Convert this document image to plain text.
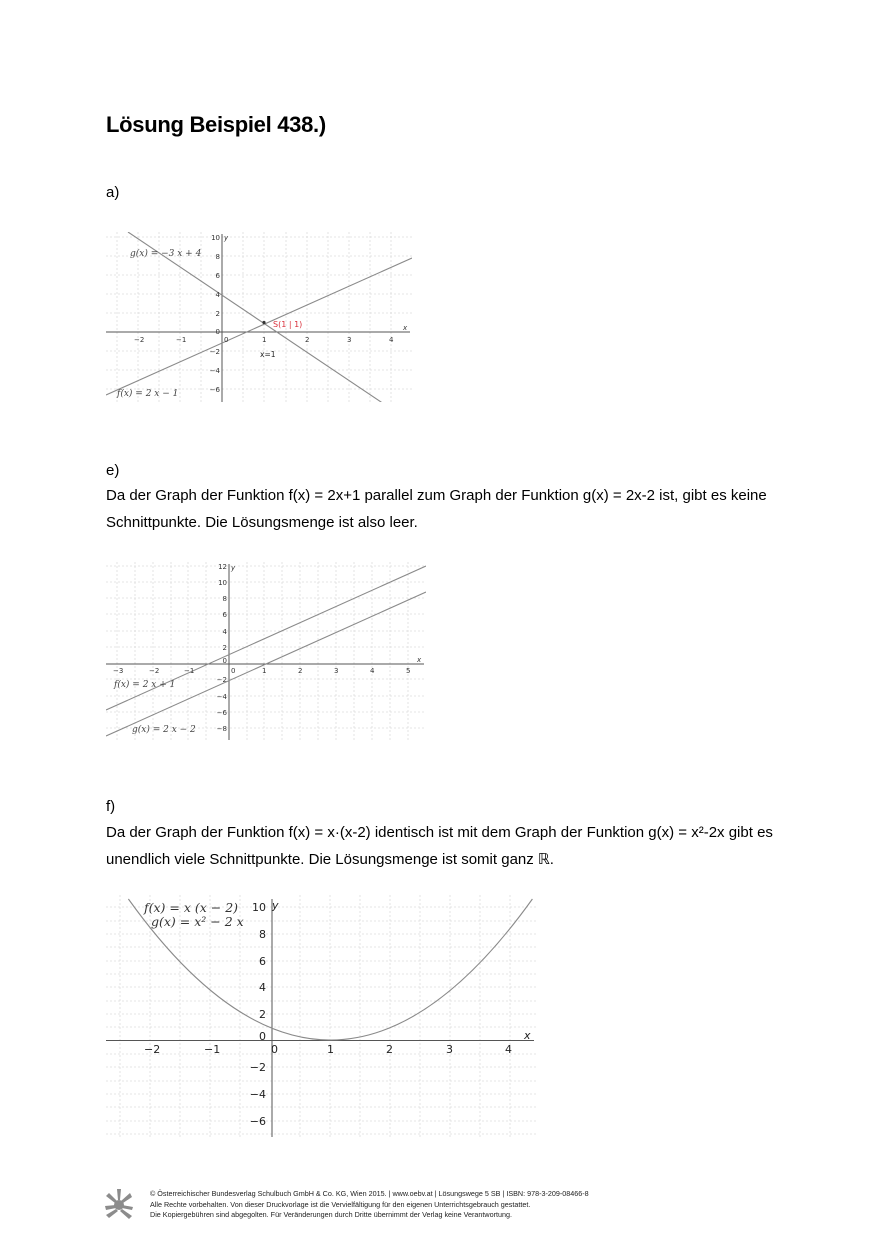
Lösung Beispiel 438.)
a)
S(1 | 1)
x=1
g(x) = −3 x + 4
f(x) = 2 x − 1
x
y
−2	−1	0	1	2	3	4
10
8
6
4
2
0
−2
−4
−6
e)
Da der Graph der Funktion f(x) = 2x+1 parallel zum Graph der Funktion g(x) = 2x-2 ist, gibt es keine
Schnittpunkte. Die Lösungsmenge ist also leer.
f(x) = 2 x + 1
g(x) = 2 x − 2
x
y
−3	−2	−1	0	1	2	3	4	5
12
10
8
6
4
2
0
−2
−4
−6
−8
f)
Da der Graph der Funktion f(x) = x·(x-2) identisch ist mit dem Graph der Funktion g(x) = x²-2x gibt es
unendlich viele Schnittpunkte. Die Lösungsmenge ist somit ganz ℝ.
f(x) = x (x − 2)
g(x) = x² − 2 x
x
y
−2	−1	0	1	2	3	4
10
8
6
4
2
0
−2
−4
−6
© Österreichischer Bundesverlag Schulbuch GmbH & Co. KG, Wien 2015. | www.oebv.at | Lösungswege 5 SB | ISBN: 978-3-209-08466-8
Alle Rechte vorbehalten. Von dieser Druckvorlage ist die Vervielfältigung für den eigenen Unterrichtsgebrauch gestattet.
Die Kopiergebühren sind abgegolten. Für Veränderungen durch Dritte übernimmt der Verlag keine Verantwortung.
